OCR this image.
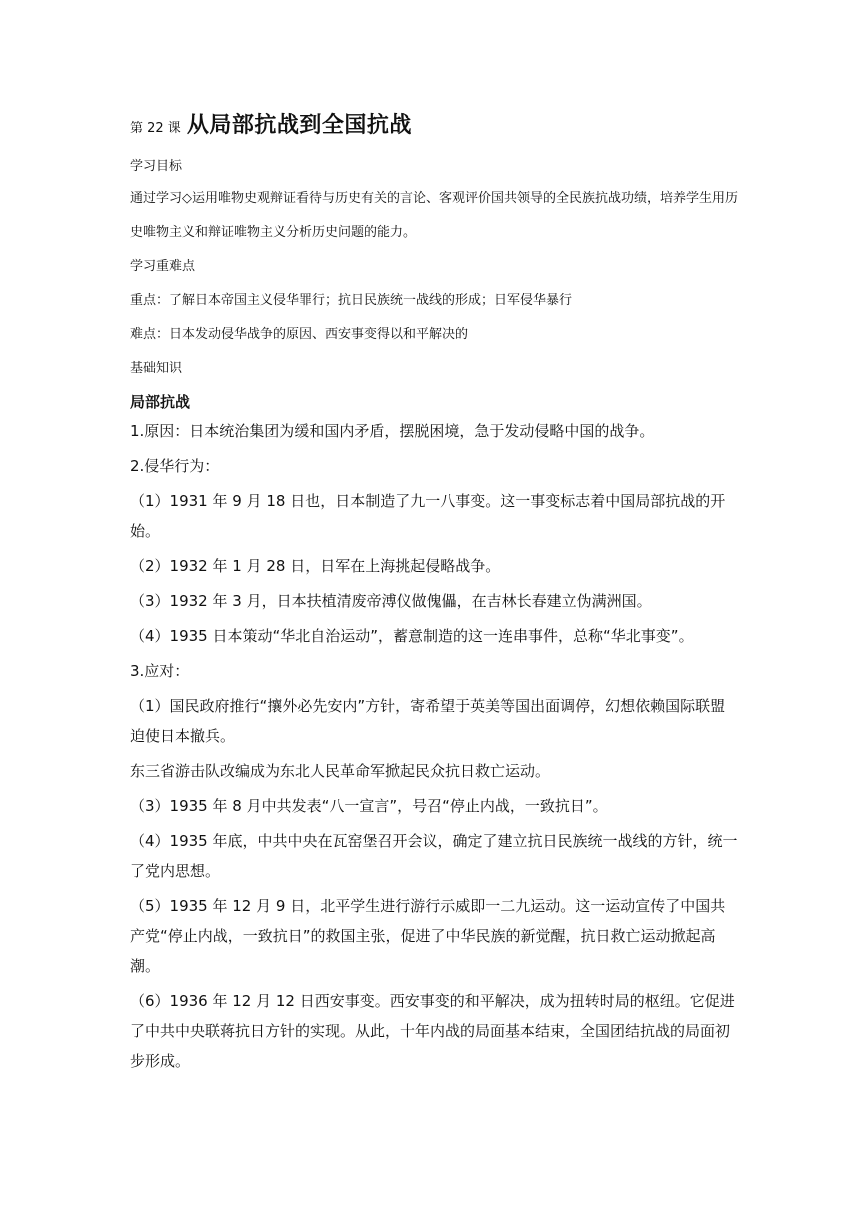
第 22 课 从局部抗战到全国抗战

学习目标

通过学习◇运用唯物史观辩证看待与历史有关的言论、客观评价国共领导的全民族抗战功绩，培养学生用历史唯物主义和辩证唯物主义分析历史问题的能力。

学习重难点

重点：了解日本帝国主义侵华罪行；抗日民族统一战线的形成；日军侵华暴行

难点：日本发动侵华战争的原因、西安事变得以和平解决的

基础知识

局部抗战

1.原因：日本统治集团为缓和国内矛盾，摆脱困境，急于发动侵略中国的战争。

2.侵华行为：

（1）1931 年 9 月 18 日也，日本制造了九一八事变。这一事变标志着中国局部抗战的开始。

（2）1932 年 1 月 28 日，日军在上海挑起侵略战争。

（3）1932 年 3 月，日本扶植清废帝溥仪做傀儡，在吉林长春建立伪满洲国。

（4）1935 日本策动“华北自治运动”，蓄意制造的这一连串事件，总称“华北事变”。

3.应对：

（1）国民政府推行“攘外必先安内”方针，寄希望于英美等国出面调停，幻想依赖国际联盟迫使日本撤兵。

东三省游击队改编成为东北人民革命军掀起民众抗日救亡运动。

（3）1935 年 8 月中共发表“八一宣言”，号召“停止内战，一致抗日”。

（4）1935 年底，中共中央在瓦窑堡召开会议，确定了建立抗日民族统一战线的方针，统一了党内思想。

（5）1935 年 12 月 9 日，北平学生进行游行示威即一二九运动。这一运动宣传了中国共产党“停止内战，一致抗日”的救国主张，促进了中华民族的新觉醒，抗日救亡运动掀起高潮。

（6）1936 年 12 月 12 日西安事变。西安事变的和平解决，成为扭转时局的枢纽。它促进了中共中央联蒋抗日方针的实现。从此，十年内战的局面基本结束，全国团结抗战的局面初步形成。
